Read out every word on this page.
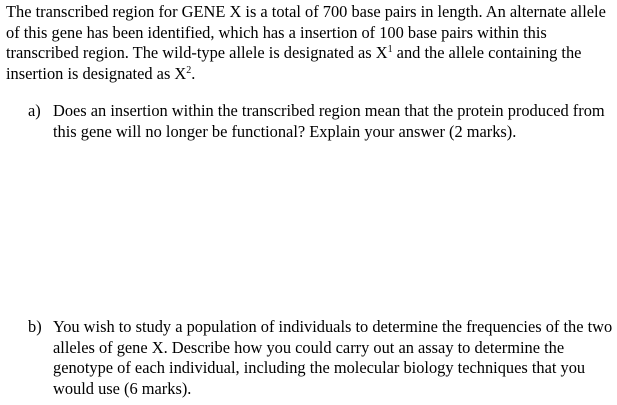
The transcribed region for GENE X is a total of 700 base pairs in length. An alternate allele
of this gene has been identified, which has a insertion of 100 base pairs within this
transcribed region. The wild-type allele is designated as $X^1$ and the allele containing the
insertion is designated as $X^2$.
a) Does an insertion within the transcribed region mean that the protein produced from
this gene will no longer be functional? Explain your answer (2 marks).
b) You wish to study a population of individuals to determine the frequencies of the two
alleles of gene X. Describe how you could carry out an assay to determine the
genotype of each individual, including the molecular biology techniques that you
would use (6 marks).
